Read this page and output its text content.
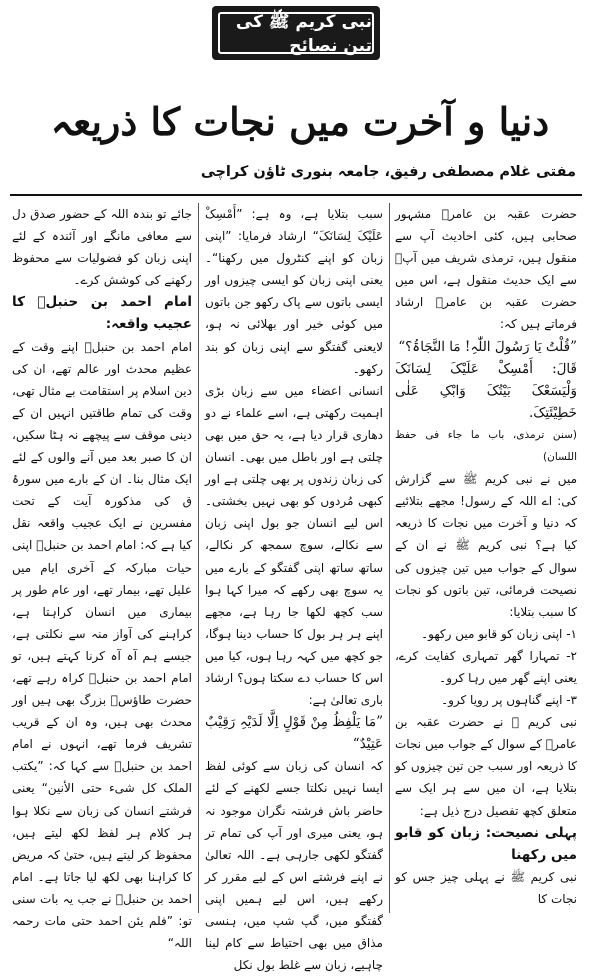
نبی کریم ﷺ کی تین نصائح
دنیا و آخرت میں نجات کا ذریعہ
مفتی غلام مصطفی رفیق، جامعہ بنوری ٹاؤن کراچی

حضرت عقبہ بن عامرؓ مشہور صحابی ہیں، کئی احادیث آپ سے منقول ہیں، ترمذی شریف میں آپؓ سے ایک حدیث منقول ہے، اس میں حضرت عقبہ بن عامرؓ ارشاد فرماتے ہیں کہ:

”قُلْتُ یَا رَسُولَ اللّٰہِ! مَا النَّجَاۃُ؟“

قَالَ: أَمْسِکْ عَلَیْکَ لِسَانَکَ وَلْیَسَعْکَ بَیْتُکَ وَابْکِ عَلٰی خَطِیْئَتِکَ.

(سنن ترمذی، باب ما جاء فی حفظ اللسان)

میں نے نبی کریم ﷺ سے گزارش کی: اے اللہ کے رسول! مجھے بتلائیے کہ دنیا و آخرت میں نجات کا ذریعہ کیا ہے؟ نبی کریم ﷺ نے ان کے سوال کے جواب میں تین چیزوں کی نصیحت فرمائی، تین باتوں کو نجات کا سبب بتلایا:

۱- اپنی زبان کو قابو میں رکھو۔

۲- تمہارا گھر تمہاری کفایت کرے، یعنی اپنے گھر میں رہا کرو۔

۳- اپنے گناہوں پر رویا کرو۔

نبی کریم ﷺ نے حضرت عقبہ بن عامرؓ کے سوال کے جواب میں نجات کا ذریعہ اور سبب جن تین چیزوں کو بتلایا ہے، ان میں سے ہر ایک سے متعلق کچھ تفصیل درج ذیل ہے:

پہلی نصیحت: زبان کو قابو میں رکھنا

نبی کریم ﷺ نے پہلی چیز جس کو نجات کا

سبب بتلایا ہے، وہ ہے: ”أَمْسِکْ عَلَیْکَ لِسَانَکَ“ ارشاد فرمایا: ”اپنی زبان کو اپنے کنٹرول میں رکھنا“۔ یعنی اپنی زبان کو ایسی چیزوں اور ایسی باتوں سے پاک رکھو جن باتوں میں کوئی خیر اور بھلائی نہ ہو، لایعنی گفتگو سے اپنی زبان کو بند رکھو۔

انسانی اعضاء میں سے زبان بڑی اہمیت رکھتی ہے، اسے علماء نے دو دھاری قرار دیا ہے، یہ حق میں بھی چلتی ہے اور باطل میں بھی۔ انسان کی زبان زندوں پر بھی چلتی ہے اور کبھی مُردوں کو بھی نہیں بخشتی۔ اس لیے انسان جو بول اپنی زبان سے نکالے، سوچ سمجھ کر نکالے، ساتھ ساتھ اپنی گفتگو کے بارے میں یہ سوچ بھی رکھے کہ میرا کہا ہوا سب کچھ لکھا جا رہا ہے، مجھے اپنے ہر ہر بول کا حساب دینا ہوگا، جو کچھ میں کہہ رہا ہوں، کیا میں اس کا حساب دے سکتا ہوں؟ ارشاد باری تعالیٰ ہے:

”مَا یَلْفِظُ مِنْ قَوْلٍ اِلَّا لَدَیْہِ رَقِیْبٌ عَتِیْدٌ“

کہ انسان کی زبان سے کوئی لفظ ایسا نہیں نکلتا جسے لکھنے کے لئے حاضر باش فرشتہ نگران موجود نہ ہو، یعنی میری اور آپ کی تمام تر گفتگو لکھی جارہی ہے۔ اللہ تعالیٰ نے اپنے فرشتے اس کے لیے مقرر کر رکھے ہیں، اس لیے ہمیں اپنی گفتگو میں، گپ شپ میں، ہنسی مذاق میں بھی احتیاط سے کام لینا چاہیے، زبان سے غلط بول نکل

جائے تو بندہ اللہ کے حضور صدق دل سے معافی مانگے اور آئندہ کے لئے اپنی زبان کو فضولیات سے محفوظ رکھنے کی کوشش کرے۔

امام احمد بن حنبلؒ کا عجیب واقعہ:

امام احمد بن حنبلؒ اپنے وقت کے عظیم محدث اور عالم تھے، ان کی دین اسلام پر استقامت بے مثال تھی، وقت کی تمام طاقتیں انہیں ان کے دینی موقف سے پیچھے نہ ہٹا سکیں، ان کا صبر بعد میں آنے والوں کے لئے ایک مثال بنا۔ ان کے بارے میں سورۂ ق کی مذکورہ آیت کے تحت مفسرین نے ایک عجیب واقعہ نقل کیا ہے کہ: امام احمد بن حنبلؒ اپنی حیات مبارکہ کے آخری ایام میں علیل تھے، بیمار تھے، اور عام طور پر بیماری میں انسان کراہتا ہے، کراہنے کی آواز منہ سے نکلتی ہے، جیسے ہم آہ آہ کرنا کہتے ہیں، تو امام احمد بن حنبلؒ کراہ رہے تھے، حضرت طاؤسؒ بزرگ بھی ہیں اور محدث بھی ہیں، وہ ان کے قریب تشریف فرما تھے، انہوں نے امام احمد بن حنبلؒ سے کہا کہ: ”یکتب الملک کل شیء حتی الأنین“ یعنی فرشتے انسان کی زبان سے نکلا ہوا ہر کلام ہر لفظ لکھ لیتے ہیں، محفوظ کر لیتے ہیں، حتیٰ کہ مریض کا کراہنا بھی لکھ لیا جاتا ہے۔ امام احمد بن حنبلؒ نے جب یہ بات سنی تو: ”فلم یئن احمد حتی مات رحمہ اللہ“
